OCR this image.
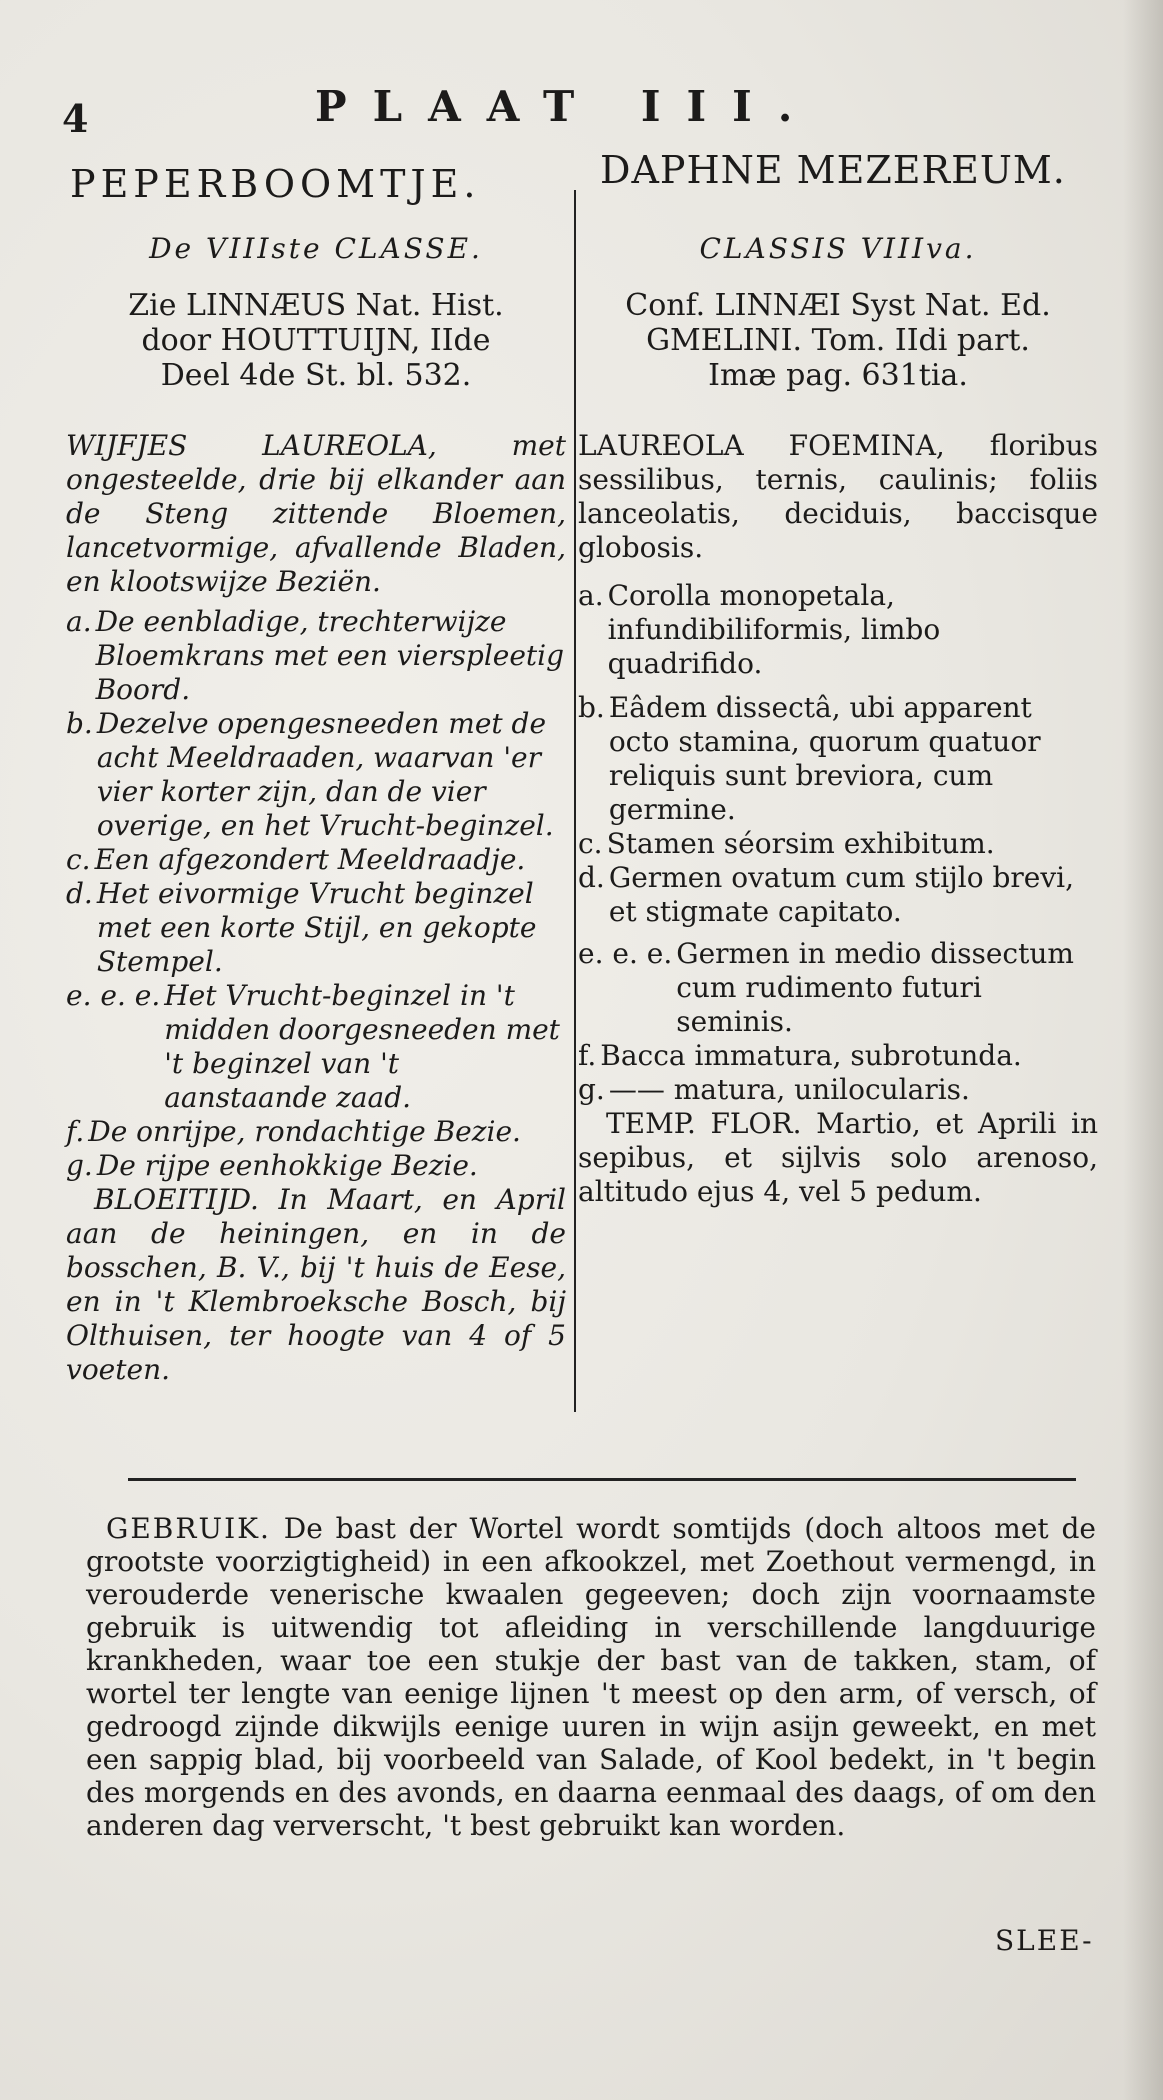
4	PLAAT III.
PEPERBOOMTJE.	DAPHNE MEZEREUM.
De VIIIste CLASSE.
Zie LINNÆUS Nat. Hist.
door HOUTTUIJN, IIde
Deel 4de St. bl. 532.
WIJFJES LAUREOLA, met ongesteelde, drie bij elkander aan de Steng zittende Bloemen, lancetvormige, afvallende Bladen, en klootswijze Beziën.
a. De eenbladige, trechterwijze Bloemkrans met een vierspleetig Boord.
b. Dezelve opengesneeden met de acht Meeldraaden, waarvan 'er vier korter zijn, dan de vier overige, en het Vrucht-beginzel.
c. Een afgezondert Meeldraadje.
d. Het eivormige Vrucht beginzel met een korte Stijl, en gekopte Stempel.
e. e. e. Het Vrucht-beginzel in 't midden doorgesneeden met 't beginzel van 't aanstaande zaad.
f. De onrijpe, rondachtige Bezie.
g. De rijpe eenhokkige Bezie.
BLOEITIJD. In Maart, en April aan de heiningen, en in de bosschen, B. V., bij 't huis de Eese, en in 't Klembroeksche Bosch, bij Olthuisen, ter hoogte van 4 of 5 voeten.
CLASSIS VIIIva.
Conf. LINNÆI Syst Nat. Ed.
GMELINI. Tom. IIdi part.
Imæ pag. 631tia.
LAUREOLA FOEMINA, floribus sessilibus, ternis, caulinis; foliis lanceolatis, deciduis, baccisque globosis.
a. Corolla monopetala, infundibiliformis, limbo quadrifido.
b. Eâdem dissectâ, ubi apparent octo stamina, quorum quatuor reliquis sunt breviora, cum germine.
c. Stamen séorsim exhibitum.
d. Germen ovatum cum stijlo brevi, et stigmate capitato.
e. e. e. Germen in medio dissectum cum rudimento futuri seminis.
f. Bacca immatura, subrotunda.
g. —— matura, unilocularis.
TEMP. FLOR. Martio, et Aprili in sepibus, et sijlvis solo arenoso, altitudo ejus 4, vel 5 pedum.
GEBRUIK. De bast der Wortel wordt somtijds (doch altoos met de grootste voorzigtigheid) in een afkookzel, met Zoethout vermengd, in verouderde venerische kwaalen gegeeven; doch zijn voornaamste gebruik is uitwendig tot afleiding in verschillende langduurige krankheden, waar toe een stukje der bast van de takken, stam, of wortel ter lengte van eenige lijnen 't meest op den arm, of versch, of gedroogd zijnde dikwijls eenige uuren in wijn asijn geweekt, en met een sappig blad, bij voorbeeld van Salade, of Kool bedekt, in 't begin des morgends en des avonds, en daarna eenmaal des daags, of om den anderen dag ververscht, 't best gebruikt kan worden.
SLEE-
